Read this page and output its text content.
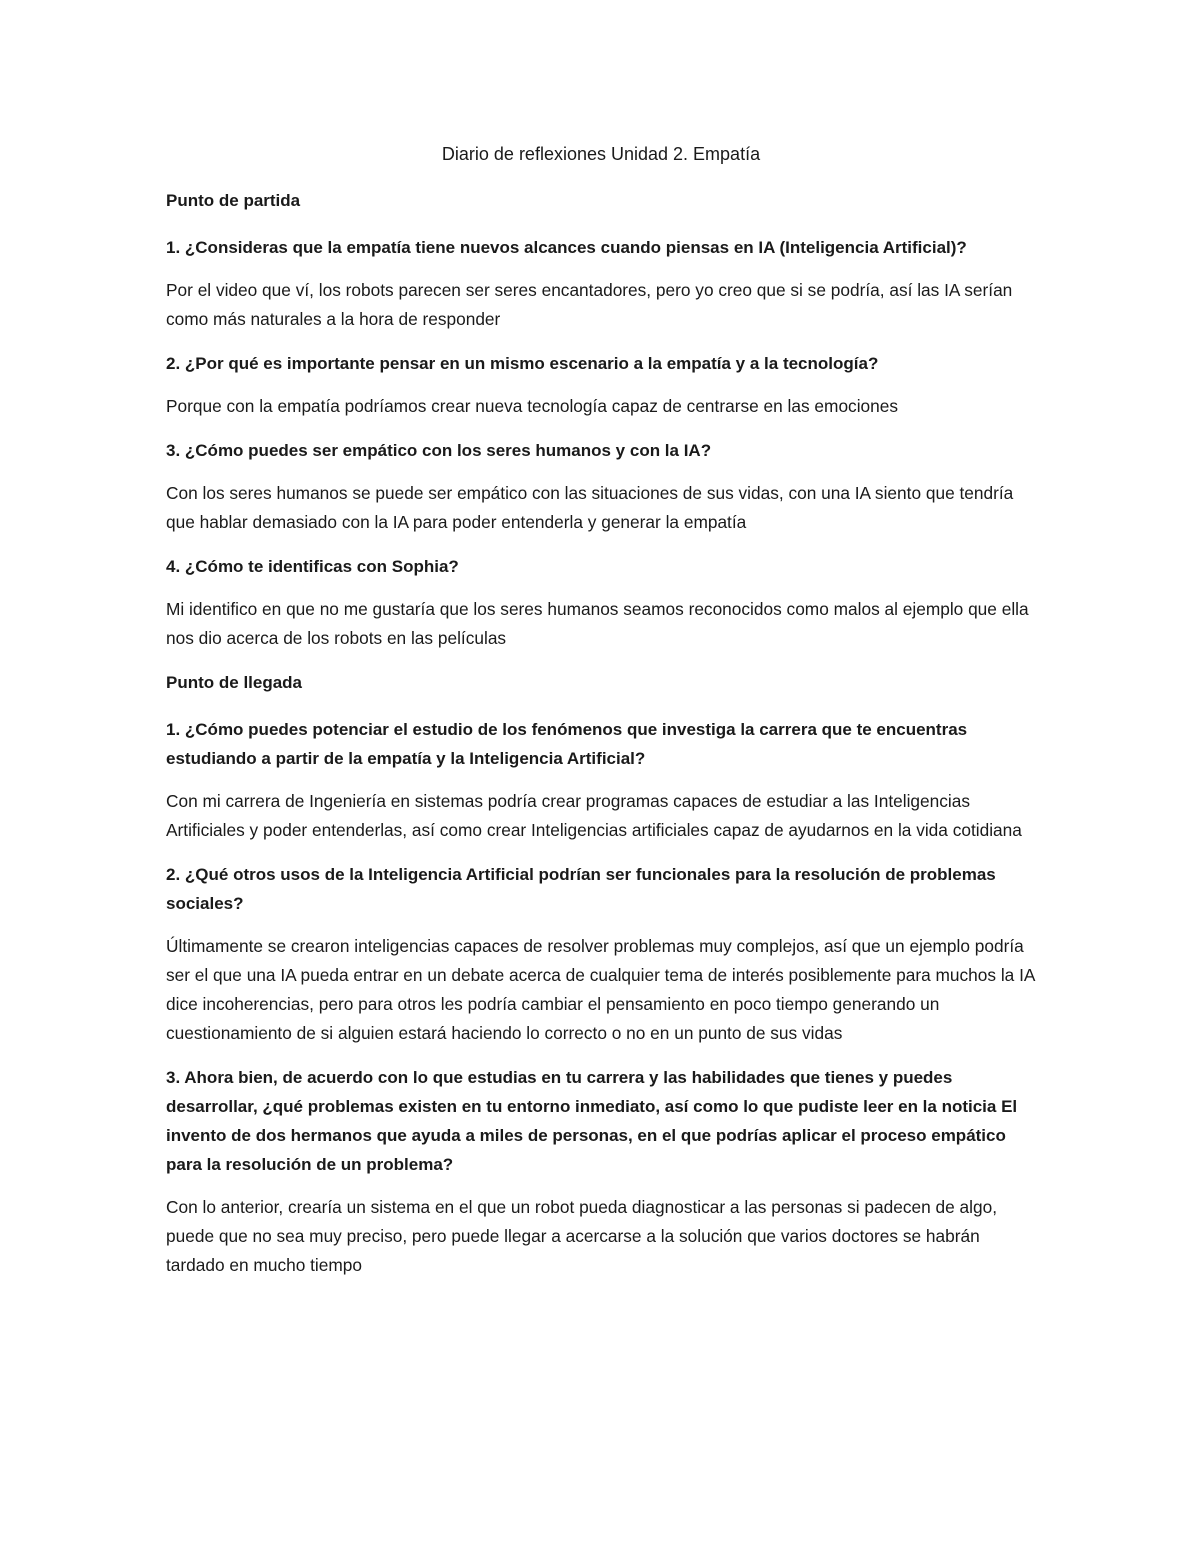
Diario de reflexiones Unidad 2. Empatía
Punto de partida
1. ¿Consideras que la empatía tiene nuevos alcances cuando piensas en IA (Inteligencia Artificial)?
Por el video que ví, los robots parecen ser seres encantadores, pero yo creo que si se podría, así las IA serían como más naturales a la hora de responder
2. ¿Por qué es importante pensar en un mismo escenario a la empatía y a la tecnología?
Porque con la empatía podríamos crear nueva tecnología capaz de centrarse en las emociones
3. ¿Cómo puedes ser empático con los seres humanos y con la IA?
Con los seres humanos se puede ser empático con las situaciones de sus vidas, con una IA siento que tendría que hablar demasiado con la IA para poder entenderla y generar la empatía
4. ¿Cómo te identificas con Sophia?
Mi identifico en que no me gustaría que los seres humanos seamos reconocidos como malos al ejemplo que ella nos dio acerca de los robots en las películas
Punto de llegada
1. ¿Cómo puedes potenciar el estudio de los fenómenos que investiga la carrera que te encuentras estudiando a partir de la empatía y la Inteligencia Artificial?
Con mi carrera de Ingeniería en sistemas podría crear programas capaces de estudiar a las Inteligencias Artificiales y poder entenderlas, así como crear Inteligencias artificiales capaz de ayudarnos en la vida cotidiana
2. ¿Qué otros usos de la Inteligencia Artificial podrían ser funcionales para la resolución de problemas sociales?
Últimamente se crearon inteligencias capaces de resolver problemas muy complejos, así que un ejemplo podría ser el que una IA pueda entrar en un debate acerca de cualquier tema de interés posiblemente para muchos la IA dice incoherencias, pero para otros les podría cambiar el pensamiento en poco tiempo generando un cuestionamiento de si alguien estará haciendo lo correcto o no en un punto de sus vidas
3. Ahora bien, de acuerdo con lo que estudias en tu carrera y las habilidades que tienes y puedes desarrollar, ¿qué problemas existen en tu entorno inmediato, así como lo que pudiste leer en la noticia El invento de dos hermanos que ayuda a miles de personas, en el que podrías aplicar el proceso empático para la resolución de un problema?
Con lo anterior, crearía un sistema en el que un robot pueda diagnosticar a las personas si padecen de algo, puede que no sea muy preciso, pero puede llegar a acercarse a la solución que varios doctores se habrán tardado en mucho tiempo
